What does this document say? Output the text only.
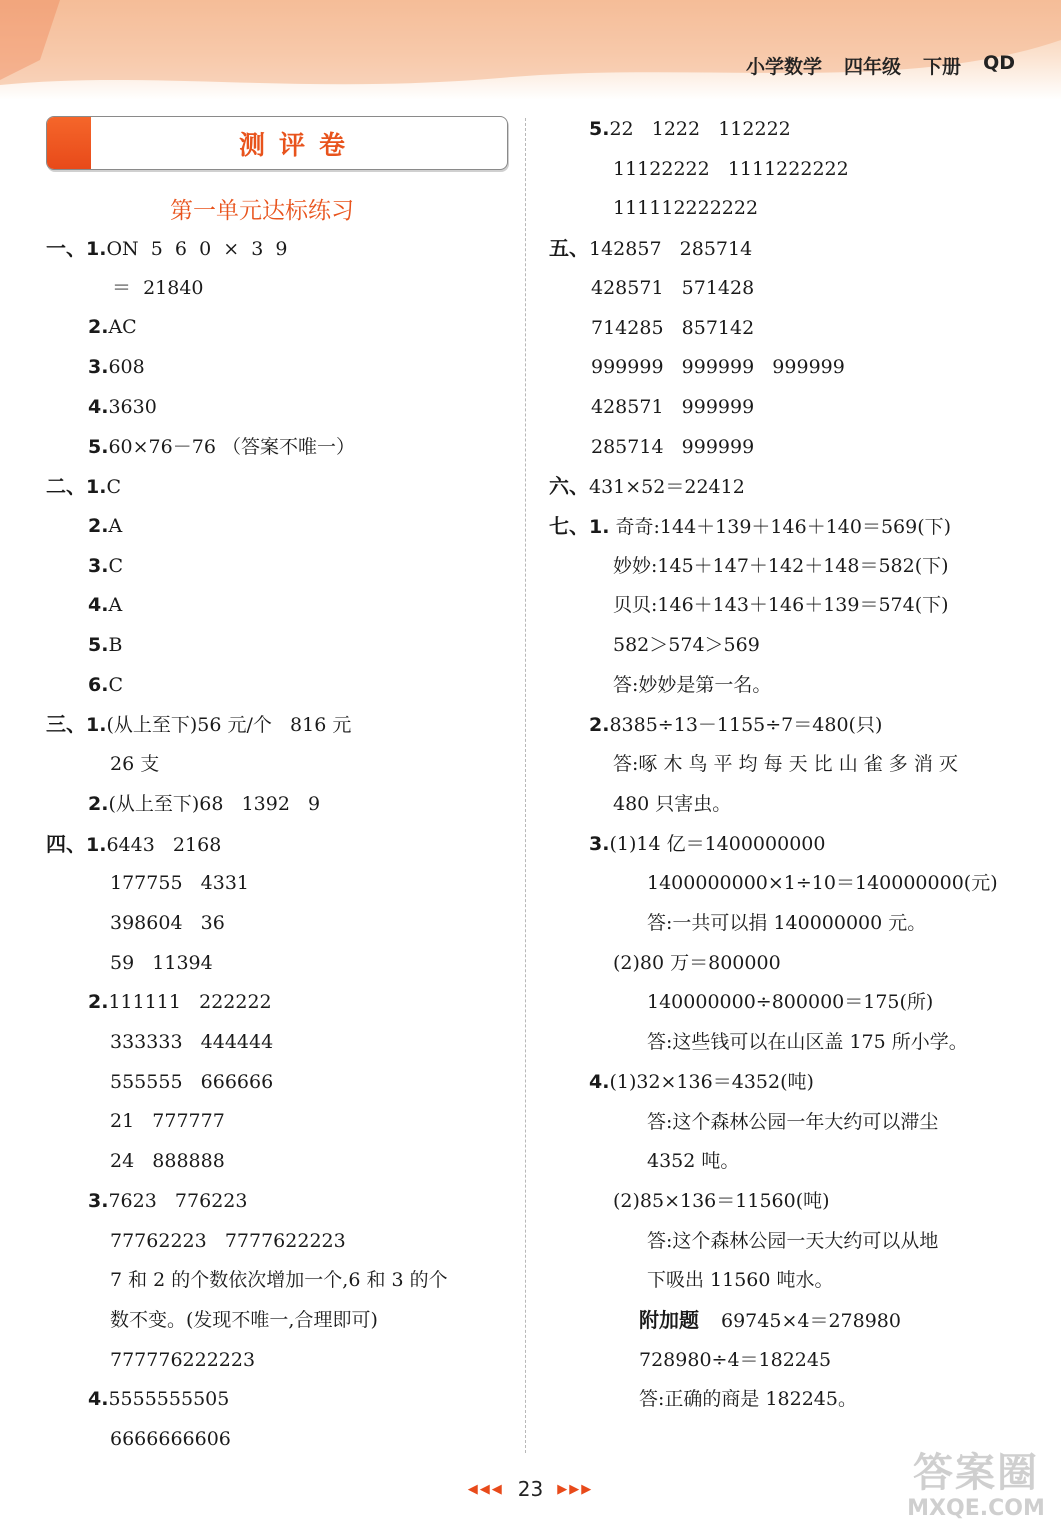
小学数学 四年级 下册 QD
测评卷
第一单元达标练习
一、1.ON  5  6  0  ×  3  9
＝  21840
2.AC
3.608
4.3630
5.60×76－76 （答案不唯一）
二、1.C
2.A
3.C
4.A
5.B
6.C
三、1.(从上至下)56 元/个   816 元
26 支
2.(从上至下)68   1392   9
四、1.6443   2168
177755   4331
398604   36
59   11394
2.111111   222222
333333   444444
555555   666666
21   777777
24   888888
3.7623   776223
77762223   7777622223
7 和 2 的个数依次增加一个,6 和 3 的个
数不变。(发现不唯一,合理即可)
777776222223
4.5555555505
6666666606
5.22   1222   112222
11122222   1111222222
111112222222
五、142857   285714
428571   571428
714285   857142
999999   999999   999999
428571   999999
285714   999999
六、431×52＝22412
七、1. 奇奇:144＋139＋146＋140＝569(下)
妙妙:145＋147＋142＋148＝582(下)
贝贝:146＋143＋146＋139＝574(下)
582＞574＞569
答:妙妙是第一名。
2.8385÷13－1155÷7＝480(只)
答:啄 木 鸟 平 均 每 天 比 山 雀 多 消 灭
480 只害虫。
3.(1)14 亿＝1400000000
1400000000×1÷10＝140000000(元)
答:一共可以捐 140000000 元。
(2)80 万＝800000
140000000÷800000＝175(所)
答:这些钱可以在山区盖 175 所小学。
4.(1)32×136＝4352(吨)
答:这个森林公园一年大约可以滞尘
4352 吨。
(2)85×136＝11560(吨)
答:这个森林公园一天大约可以从地
下吸出 11560 吨水。
附加题 69745×4＝278980
728980÷4＝182245
答:正确的商是 182245。
◀◀◀ 23 ▶▶▶	答案圈
MXQE.COM
